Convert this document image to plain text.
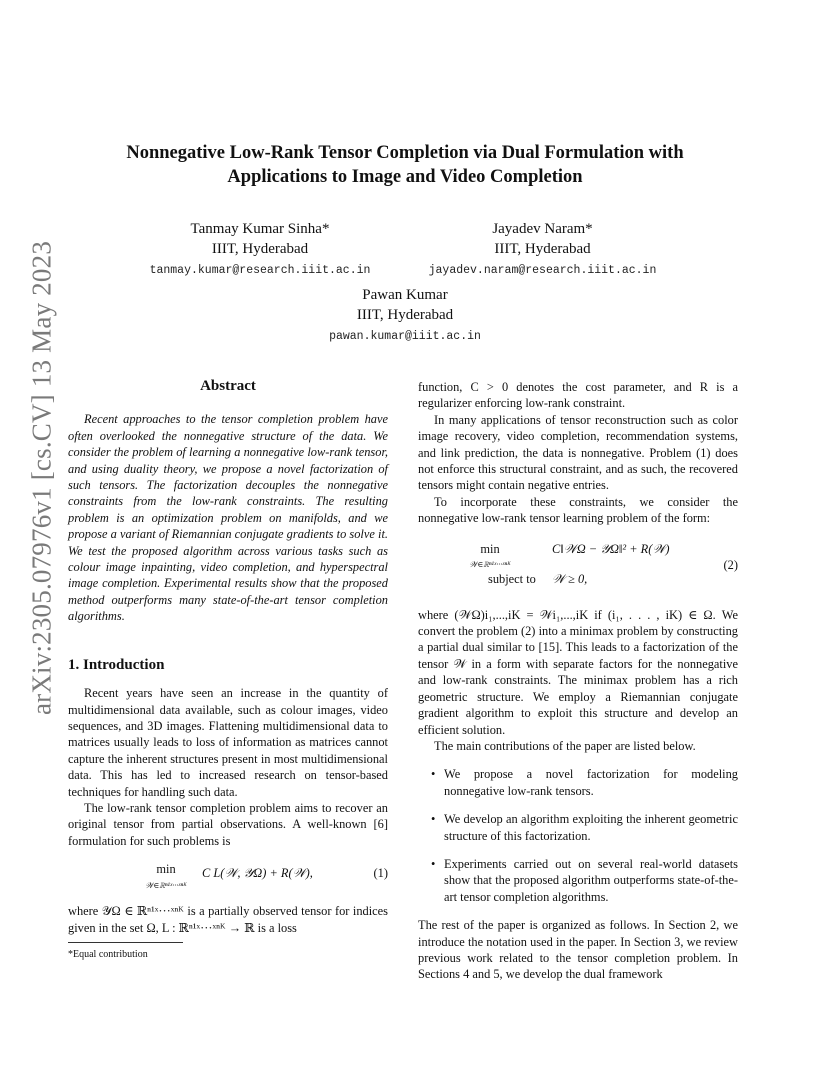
arXiv:2305.07976v1 [cs.CV] 13 May 2023
Nonnegative Low-Rank Tensor Completion via Dual Formulation with
Applications to Image and Video Completion
Tanmay Kumar Sinha*
IIIT, Hyderabad
tanmay.kumar@research.iiit.ac.in
Jayadev Naram*
IIIT, Hyderabad
jayadev.naram@research.iiit.ac.in
Pawan Kumar
IIIT, Hyderabad
pawan.kumar@iiit.ac.in
Abstract

Recent approaches to the tensor completion problem have often overlooked the nonnegative structure of the data. We consider the problem of learning a nonnegative low-rank tensor, and using duality theory, we propose a novel factorization of such tensors. The factorization decouples the nonnegative constraints from the low-rank constraints. The resulting problem is an optimization problem on manifolds, and we propose a variant of Riemannian conjugate gradients to solve it. We test the proposed algorithm across various tasks such as colour image inpainting, video completion, and hyperspectral image completion. Experimental results show that the proposed method outperforms many state-of-the-art tensor completion algorithms.

1. Introduction

Recent years have seen an increase in the quantity of multidimensional data available, such as colour images, video sequences, and 3D images. Flattening multidimensional data to matrices usually leads to loss of information as matrices cannot capture the inherent structures present in most multidimensional data. This has led to increased research on tensor-based techniques for handling such data.

The low-rank tensor completion problem aims to recover an original tensor from partial observations. A well-known [6] formulation for such problems is

min
𝒲∈ℝⁿ¹ˣ···ˣⁿᴷ
C L(𝒲, 𝒴Ω) + R(𝒲),	(1)

where 𝒴Ω ∈ ℝⁿ¹ˣ···ˣⁿᴷ is a partially observed tensor for indices given in the set Ω, L : ℝⁿ¹ˣ···ˣⁿᴷ → ℝ is a loss

*Equal contribution

function, C > 0 denotes the cost parameter, and R is a regularizer enforcing low-rank constraint.

In many applications of tensor reconstruction such as color image recovery, video completion, recommendation systems, and link prediction, the data is nonnegative. Problem (1) does not enforce this structural constraint, and as such, the recovered tensors might contain negative entries.

To incorporate these constraints, we consider the nonnegative low-rank tensor learning problem of the form:

min
𝒲∈ℝⁿ¹ˣ···ˣⁿᴷ
C‖𝒲Ω − 𝒴Ω‖² + R(𝒲)
subject to 𝒲 ≥ 0,
(2)

where (𝒲Ω)i₁,...,iK = 𝒲i₁,...,iK if (i₁, . . . , iK) ∈ Ω. We convert the problem (2) into a minimax problem by constructing a partial dual similar to [15]. This leads to a factorization of the tensor 𝒲 in a form with separate factors for the nonnegative and low-rank constraints. The minimax problem has a rich geometric structure. We employ a Riemannian conjugate gradient algorithm to exploit this structure and develop an efficient solution.

The main contributions of the paper are listed below.

• We propose a novel factorization for modeling nonnegative low-rank tensors.
• We develop an algorithm exploiting the inherent geometric structure of this factorization.
• Experiments carried out on several real-world datasets show that the proposed algorithm outperforms state-of-the-art tensor completion algorithms.

The rest of the paper is organized as follows. In Section 2, we introduce the notation used in the paper. In Section 3, we review previous work related to the tensor completion problem. In Sections 4 and 5, we develop the dual framework
